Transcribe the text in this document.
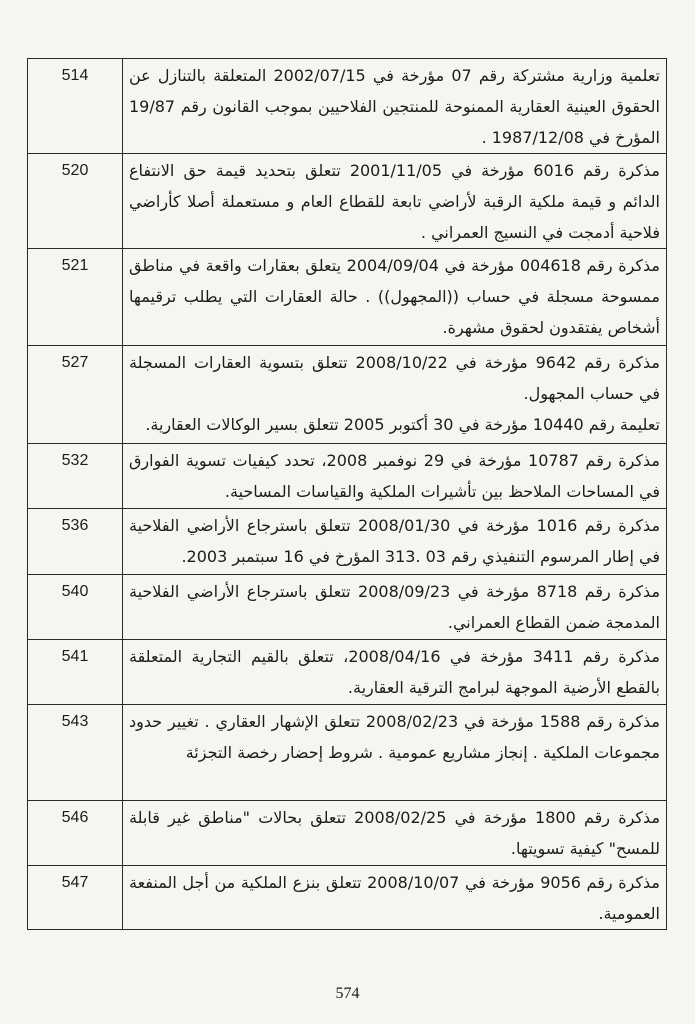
514	تعلمية وزارية مشتركة رقم 07 مؤرخة في 2002/07/15 المتعلقة بالتنازل عن الحقوق العينية العقارية الممنوحة للمنتجين الفلاحيين بموجب القانون رقم 19/87 المؤرخ في 1987/12/08 .

520	مذكرة رقم 6016 مؤرخة في 2001/11/05 تتعلق بتحديد قيمة حق الانتفاع الدائم و قيمة ملكية الرقبة لأراضي تابعة للقطاع العام و مستعملة أصلا كأراضي فلاحية أدمجت في النسيج العمراني .

521	مذكرة رقم 004618 مؤرخة في 2004/09/04 يتعلق بعقارات واقعة في مناطق ممسوحة مسجلة في حساب ((المجهول)) . حالة العقارات التي يطلب ترقيمها أشخاص يفتقدون لحقوق مشهرة.

527	مذكرة رقم 9642 مؤرخة في 2008/10/22 تتعلق بتسوية العقارات المسجلة في حساب المجهول.

تعليمة رقم 10440 مؤرخة في 30 أكتوبر 2005 تتعلق بسير الوكالات العقارية.

532	مذكرة رقم 10787 مؤرخة في 29 نوفمبر 2008، تحدد كيفيات تسوية الفوارق في المساحات الملاحظ بين تأشيرات الملكية والقياسات المساحية.

536	مذكرة رقم 1016 مؤرخة في 2008/01/30 تتعلق باسترجاع الأراضي الفلاحية في إطار المرسوم التنفيذي رقم 03 .313 المؤرخ في 16 سبتمبر 2003.

540	مذكرة رقم 8718 مؤرخة في 2008/09/23 تتعلق باسترجاع الأراضي الفلاحية المدمجة ضمن القطاع العمراني.

541	مذكرة رقم 3411 مؤرخة في 2008/04/16، تتعلق بالقيم التجارية المتعلقة بالقطع الأرضية الموجهة لبرامج الترقية العقارية.

543	مذكرة رقم 1588 مؤرخة في 2008/02/23 تتعلق الإشهار العقاري . تغيير حدود مجموعات الملكية . إنجاز مشاريع عمومية . شروط إحضار رخصة التجزئة

546	مذكرة رقم 1800 مؤرخة في 2008/02/25 تتعلق بحالات "مناطق غير قابلة للمسح" كيفية تسويتها.

547	مذكرة رقم 9056 مؤرخة في 2008/10/07 تتعلق بنزع الملكية من أجل المنفعة العمومية.

574
